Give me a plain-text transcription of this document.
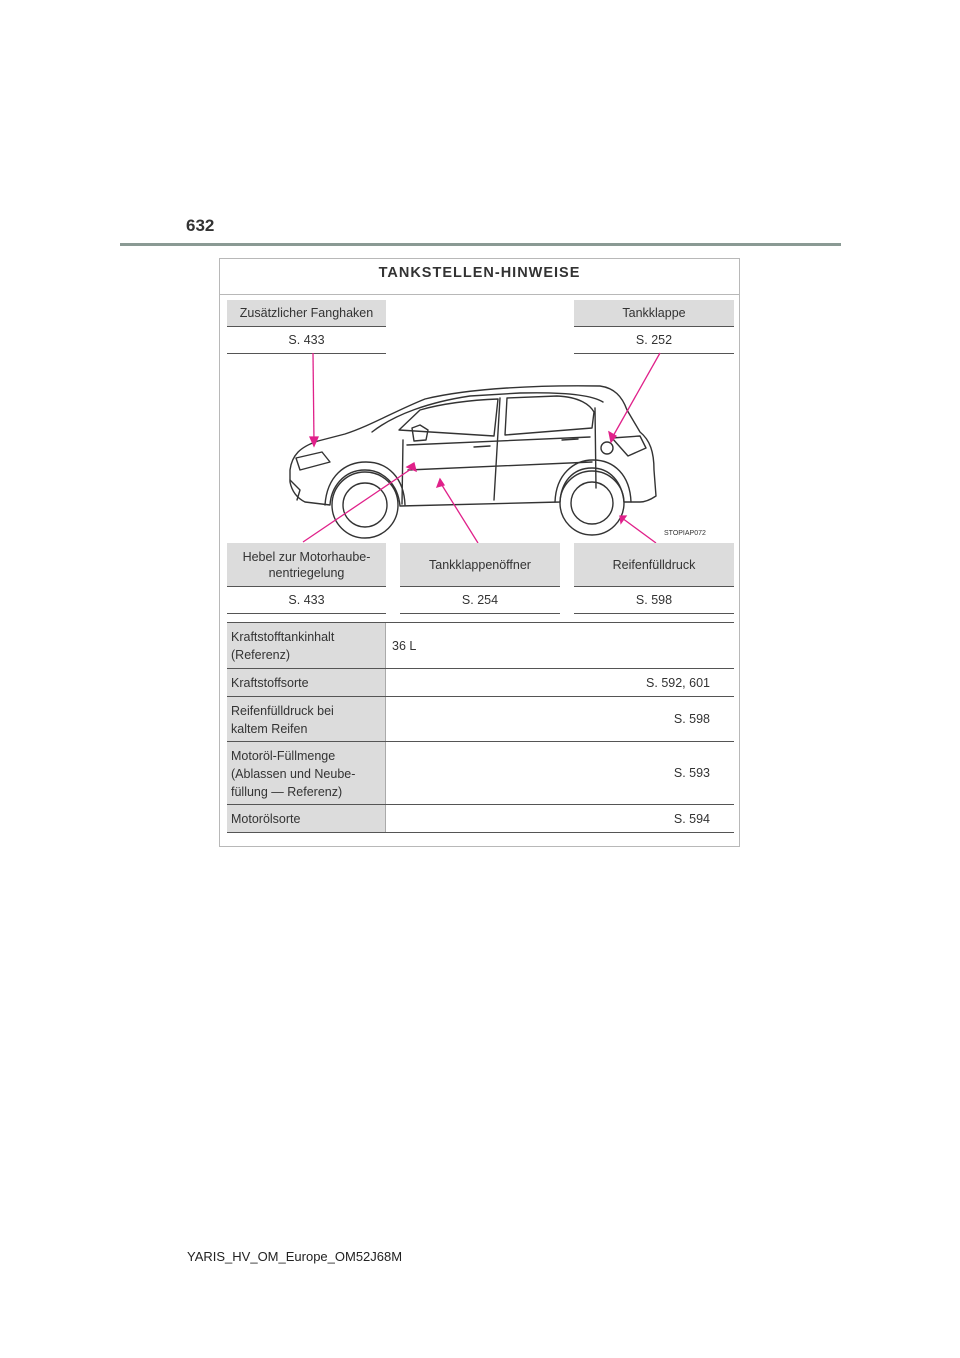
632
TANKSTELLEN-HINWEISE
Zusätzlicher Fanghaken
S. 433
Tankklappe
S. 252
STOPIAP072
Hebel zur Motorhaube-
nentriegelung
S. 433
Tankklappenöffner
S. 254
Reifenfülldruck
S. 598
Kraftstofftankinhalt
(Referenz)
36 L
Kraftstoffsorte	S. 592, 601
Reifenfülldruck bei
kaltem Reifen
S. 598
Motoröl-Füllmenge
(Ablassen und Neube-
füllung — Referenz)
S. 593
Motorölsorte	S. 594
YARIS_HV_OM_Europe_OM52J68M
